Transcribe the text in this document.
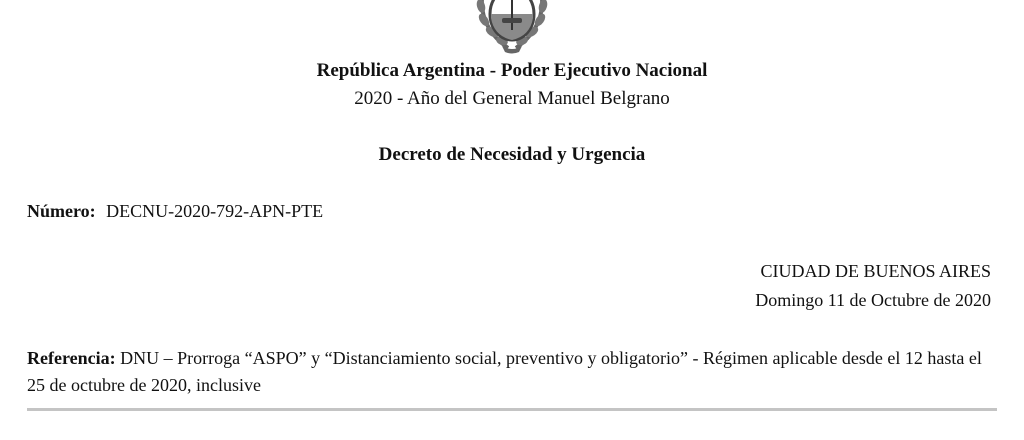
República Argentina - Poder Ejecutivo Nacional
2020 - Año del General Manuel Belgrano
Decreto de Necesidad y Urgencia
Número: DECNU-2020-792-APN-PTE
CIUDAD DE BUENOS AIRES
Domingo 11 de Octubre de 2020
Referencia: DNU – Prorroga “ASPO” y “Distanciamiento social, preventivo y obligatorio” - Régimen aplicable desde el 12 hasta el 25 de octubre de 2020, inclusive
